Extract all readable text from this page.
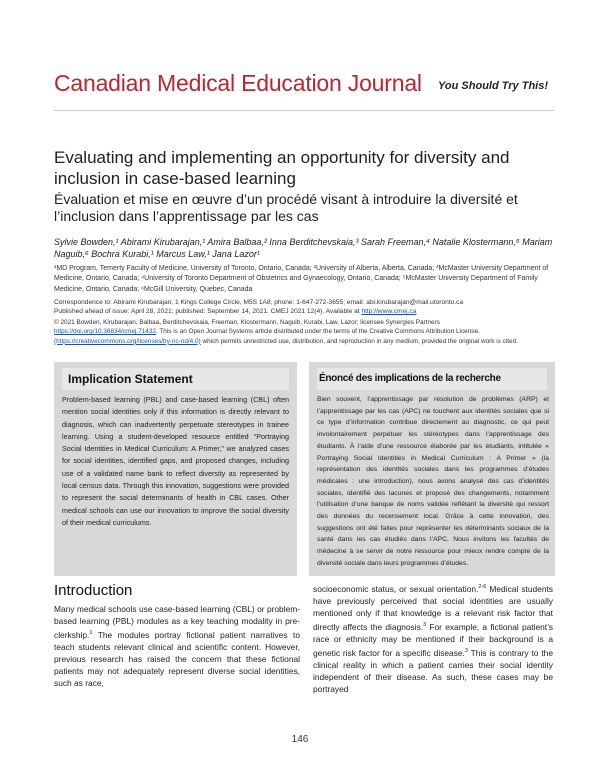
Canadian Medical Education Journal You Should Try This!
Evaluating and implementing an opportunity for diversity and inclusion in case-based learning
Évaluation et mise en œuvre d’un procédé visant à introduire la diversité et l’inclusion dans l’apprentissage par les cas
Sylvie Bowden,¹ Abirami Kirubarajan,¹ Amira Balbaa,² Inna Berditchevskaia,³ Sarah Freeman,⁴ Natalie Klostermann,⁵ Mariam Naguib,⁶ Bochra Kurabi,¹ Marcus Law,¹ Jana Lazor¹
¹MD Program, Temerty Faculty of Medicine, University of Toronto, Ontario, Canada; ²University of Alberta, Alberta, Canada; ³McMaster University Department of Medicine, Ontario, Canada; ⁴University of Toronto Department of Obstetrics and Gynaecology, Ontario, Canada; ⁵McMaster University Department of Family Medicine, Ontario, Canada; ⁶McGill University, Quebec, Canada
Correspondence to: Abirami Kirubarajan, 1 Kings College Circle, M5S 1A8; phone: 1-647-272-3655; email: abi.kirubarajan@mail.utoronto.ca
Published ahead of issue: April 28, 2021; published: September 14, 2021. CMEJ 2021 12(4). Available at http://www.cmej.ca
© 2021 Bowden, Kirubarajan, Balbaa, Berditchevskaia, Freeman, Klostermann, Naguib, Kurabi, Law, Lazor; licensee Synergies Partners
https://doi.org/10.36834/cmej.71432. This is an Open Journal Systems article distributed under the terms of the Creative Commons Attribution License.
(https://creativecommons.org/licenses/by-nc-nd/4.0) which permits unrestricted use, distribution, and reproduction in any medium, provided the original work is cited.
Implication Statement
Problem-based learning (PBL) and case-based learning (CBL) often mention social identities only if this information is directly relevant to diagnosis, which can inadvertently perpetuate stereotypes in trainee learning. Using a student-developed resource entitled “Portraying Social Identities in Medical Curriculum: A Primer,” we analyzed cases for social identities, identified gaps, and proposed changes, including use of a validated name bank to reflect diversity as represented by local census data. Through this innovation, suggestions were provided to represent the social determinants of health in CBL cases. Other medical schools can use our innovation to improve the social diversity of their medical curriculums.
Énoncé des implications de la recherche
Bien souvent, l’apprentissage par résolution de problèmes (ARP) et l’apprentissage par les cas (APC) ne touchent aux identités sociales que si ce type d’information contribue directement au diagnostic, ce qui peut involontairement perpétuer les stéréotypes dans l’apprentissage des étudiants. À l’aide d’une ressource élaborée par les étudiants, intitulée « Portraying Social Identities in Medical Curriculum : A Primer » (la représentation des identités sociales dans les programmes d’études médicales : une introduction), nous avons analysé des cas d’identités sociales, identifié des lacunes et proposé des changements, notamment l’utilisation d’une banque de noms validée reflétant la diversité qui ressort des données du recensement local. Grâce à cette innovation, des suggestions ont été faites pour représenter les déterminants sociaux de la santé dans les cas étudiés dans l’APC. Nous invitons les facultés de médecine à se servir de notre ressource pour mieux rendre compte de la diversité sociale dans leurs programmes d’études.
Introduction
Many medical schools use case-based learning (CBL) or problem-based learning (PBL) modules as a key teaching modality in pre-clerkship.$^1$ The modules portray fictional patient narratives to teach students relevant clinical and scientific content. However, previous research has raised the concern that these fictional patients may not adequately represent diverse social identities, such as race,
socioeconomic status, or sexual orientation.$^{2-6}$ Medical students have previously perceived that social identities are usually mentioned only if that knowledge is a relevant risk factor that directly affects the diagnosis.$^3$ For example, a fictional patient’s race or ethnicity may be mentioned if their background is a genetic risk factor for a specific disease.$^3$ This is contrary to the clinical reality in which a patient carries their social identity independent of their disease. As such, these cases may be portrayed
146
